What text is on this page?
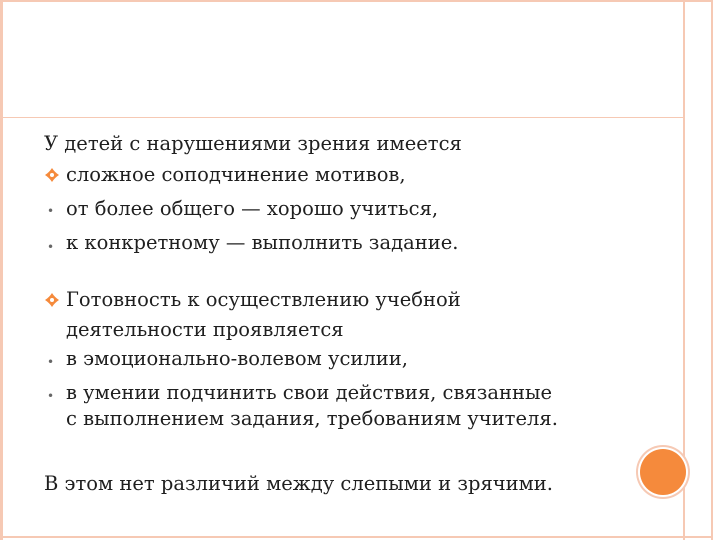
У детей с нарушениями зрения имеется
сложное соподчинение мотивов,
• от более общего — хорошо учиться,
• к конкретному — выполнить задание.
Готовность к осуществлению учебной
деятельности проявляется
• в эмоционально-волевом усилии,
• в умении подчинить свои действия, связанные
с выполнением задания, требованиям учителя.
В этом нет различий между слепыми и зрячими.
